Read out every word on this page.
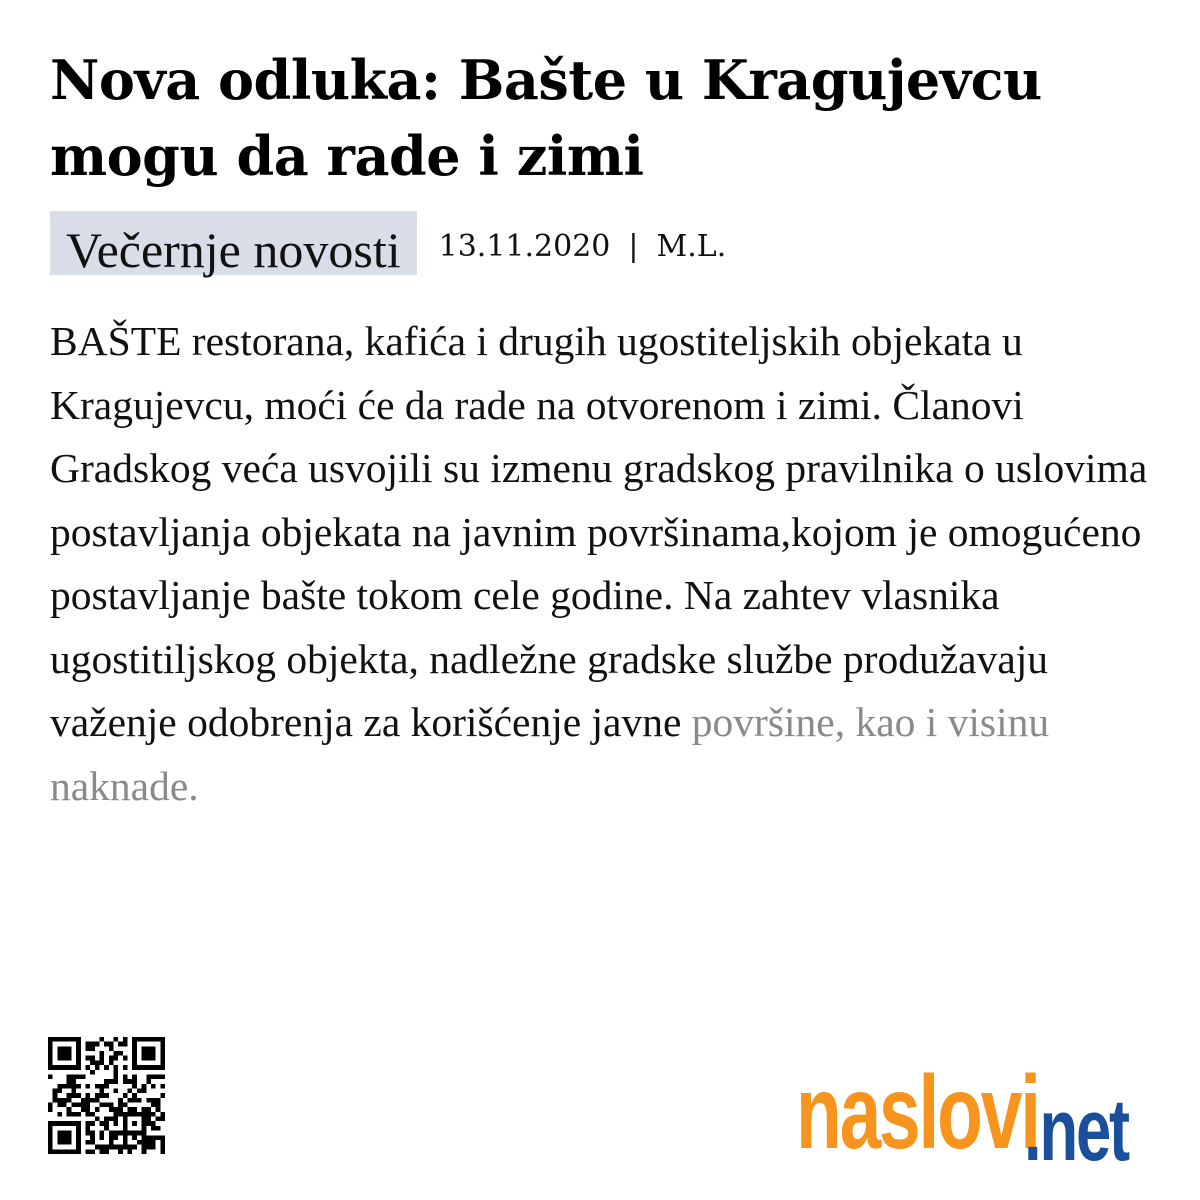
Nova odluka: Bašte u Kragujevcu mogu da rade i zimi
Večernje novosti	13.11.2020 | M.L.

BAŠTE restorana, kafića i drugih ugostiteljskih objekata u Kragujevcu, moći će da rade na otvorenom i zimi. Članovi Gradskog veća usvojili su izmenu gradskog pravilnika o uslovima postavljanja objekata na javnim površinama,kojom je omogućeno postavljanje bašte tokom cele godine. Na zahtev vlasnika ugostitiljskog objekta, nadležne gradske službe produžavaju važenje odobrenja za korišćenje javne površine, kao i visinu naknade.

naslovi
.net
